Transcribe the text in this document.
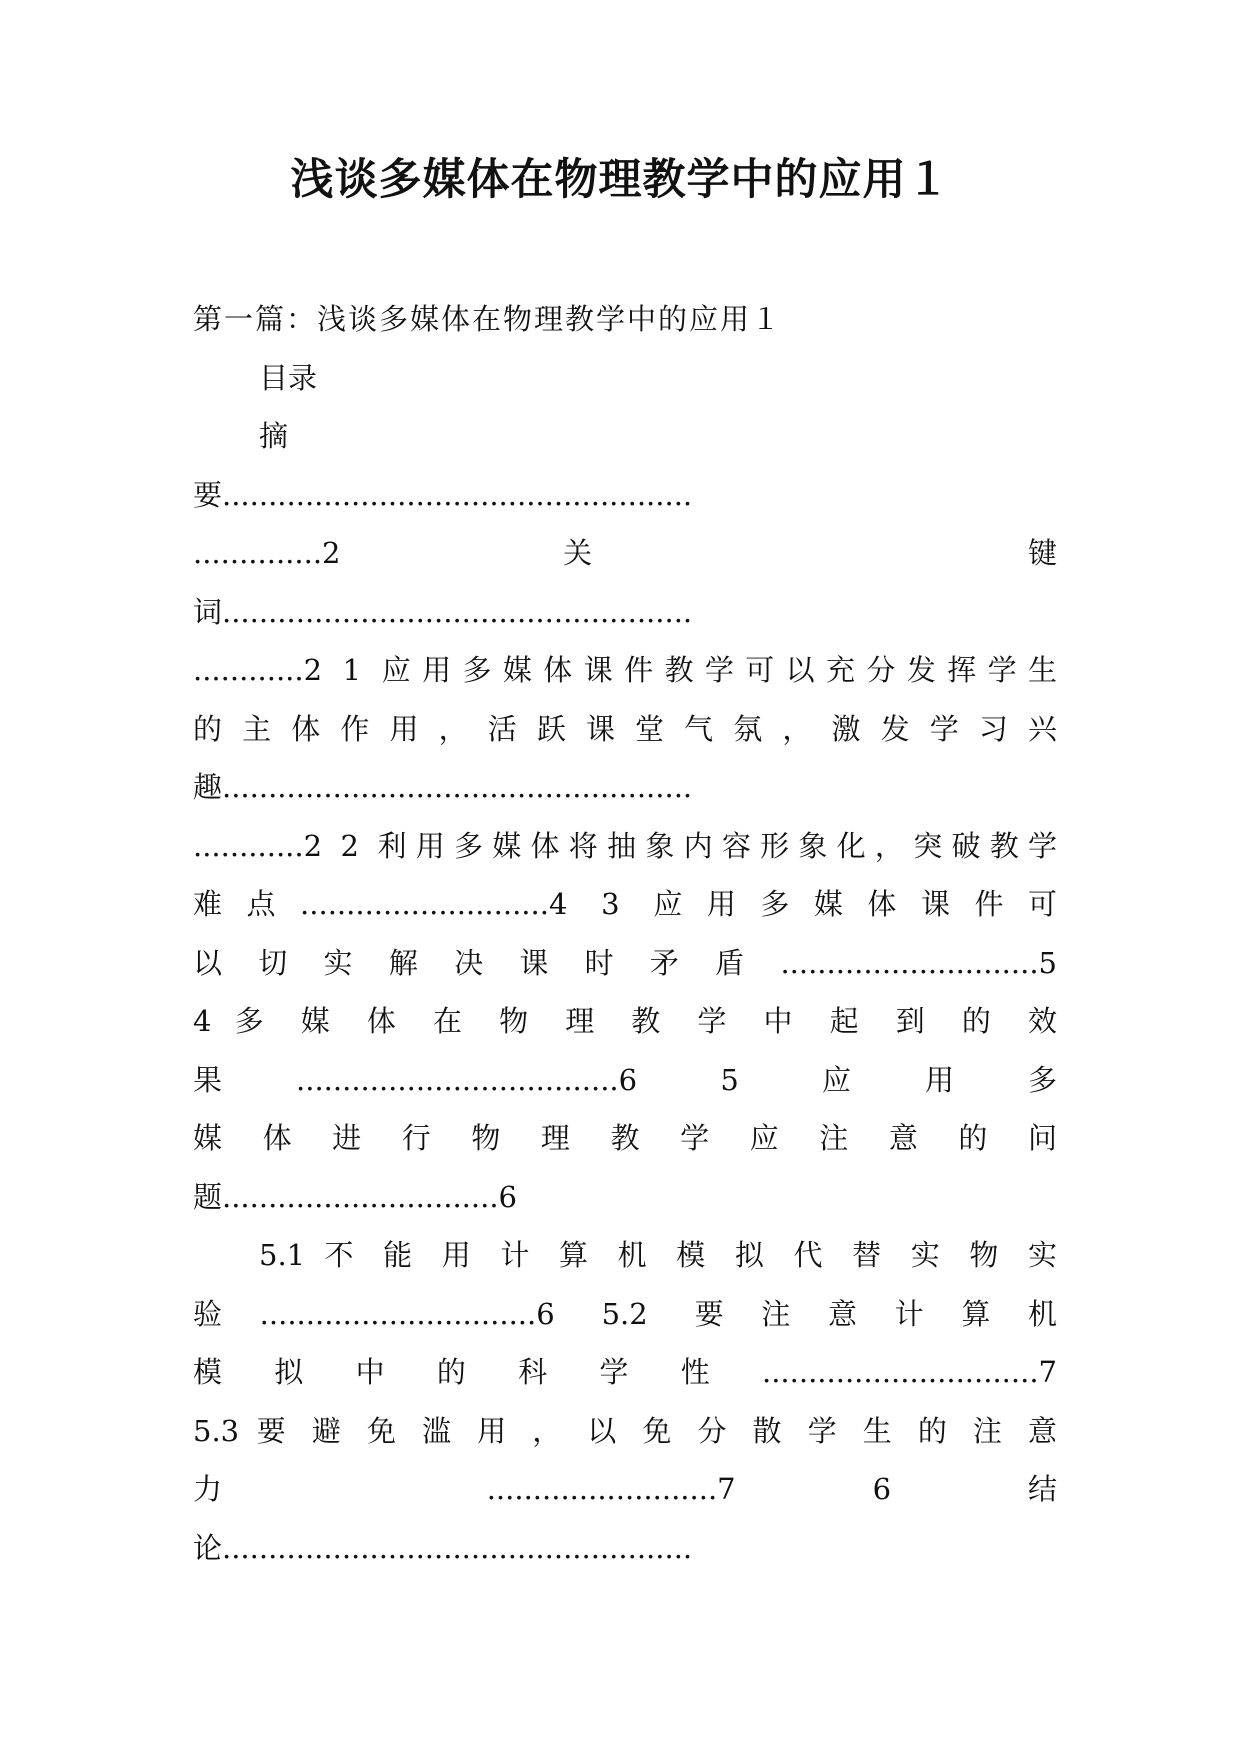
浅谈多媒体在物理教学中的应用１
第一篇：浅谈多媒体在物理教学中的应用１
目录
摘
要...................................................
..............2 关 键
词...................................................
............2 1 应用多媒体课件教学可以充分发挥学生
的 主 体 作 用 ， 活 跃 课 堂 气 氛 ， 激 发 学 习 兴
趣...................................................
............2 2 利用多媒体将抽象内容形象化，突破教学
难点...........................4 3 应用多媒体课件可
以切实解决课时矛盾............................5
4 多 媒 体 在 物 理 教 学 中 起 到 的 效
果...................................6 5 应用多
媒 体 进 行 物 理 教 学 应 注 意 的 问
题..............................6
5.1 不 能 用 计 算 机 模 拟 代 替 实 物 实
验..............................6 5.2 要注意计算机
模拟中的科学性..............................7
5.3 要 避 免 滥 用 ， 以 免 分 散 学 生 的 注 意
力 .........................7 6 结
论...................................................
